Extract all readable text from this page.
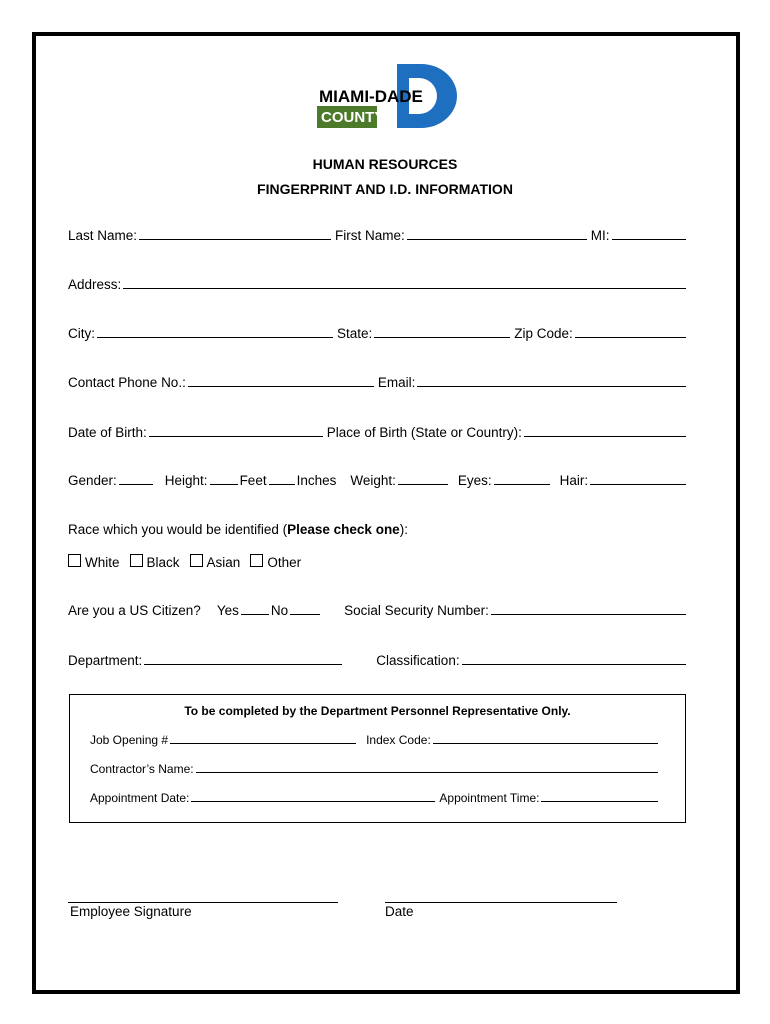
MIAMI-DADE
COUNTY
HUMAN RESOURCES
FINGERPRINT AND I.D. INFORMATION
Last Name:	First Name:	MI:
Address:
City:	State:	Zip Code:
Contact Phone No.:	Email:
Date of Birth:	Place of Birth (State or Country):
Gender:	Height: Feet Inches Weight:	Eyes:	Hair:
Race which you would be identified ( Please check one ):
White Black Asian Other
Are you a US Citizen? Yes No	Social Security Number:
Department:	Classification:
To be completed by the Department Personnel Representative Only.
Job Opening #	Index Code:
Contractor’s Name:
Appointment Date:	Appointment Time:
Employee Signature	Date
